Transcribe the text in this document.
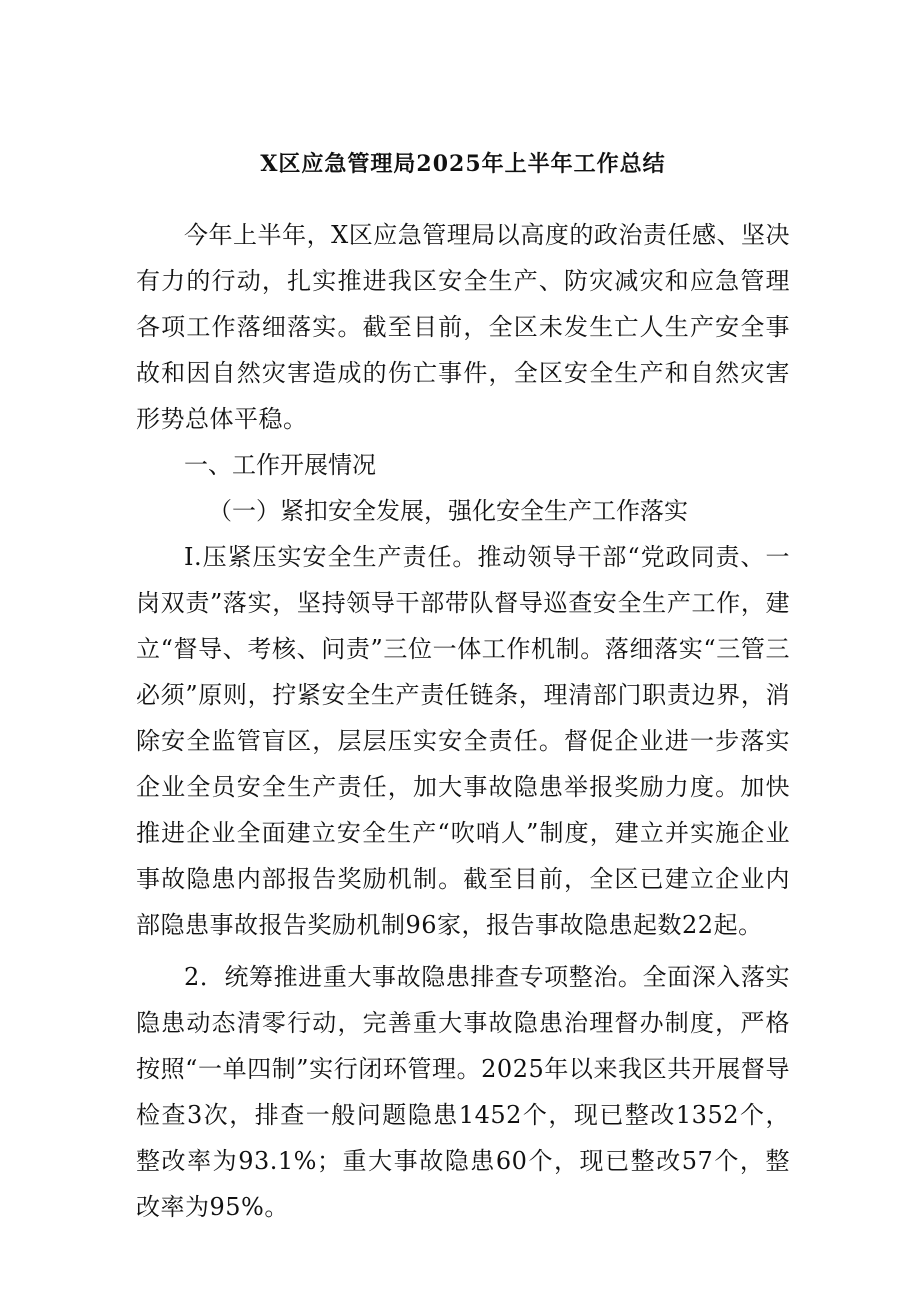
X区应急管理局2025年上半年工作总结

今年上半年，X区应急管理局以高度的政治责任感、坚决有力的行动，扎实推进我区安全生产、防灾减灾和应急管理各项工作落细落实。截至目前，全区未发生亡人生产安全事故和因自然灾害造成的伤亡事件，全区安全生产和自然灾害形势总体平稳。

一、工作开展情况

（一）紧扣安全发展，强化安全生产工作落实

I.压紧压实安全生产责任。推动领导干部“党政同责、一岗双责”落实，坚持领导干部带队督导巡查安全生产工作，建立“督导、考核、问责”三位一体工作机制。落细落实“三管三必须”原则，拧紧安全生产责任链条，理清部门职责边界，消除安全监管盲区，层层压实安全责任。督促企业进一步落实企业全员安全生产责任，加大事故隐患举报奖励力度。加快推进企业全面建立安全生产“吹哨人”制度，建立并实施企业事故隐患内部报告奖励机制。截至目前，全区已建立企业内部隐患事故报告奖励机制96家，报告事故隐患起数22起。

2．统筹推进重大事故隐患排查专项整治。全面深入落实隐患动态清零行动，完善重大事故隐患治理督办制度，严格按照“一单四制”实行闭环管理。2025年以来我区共开展督导检查3次，排查一般问题隐患1452个，现已整改1352个，整改率为93.1%；重大事故隐患60个，现已整改57个，整改率为95%。
